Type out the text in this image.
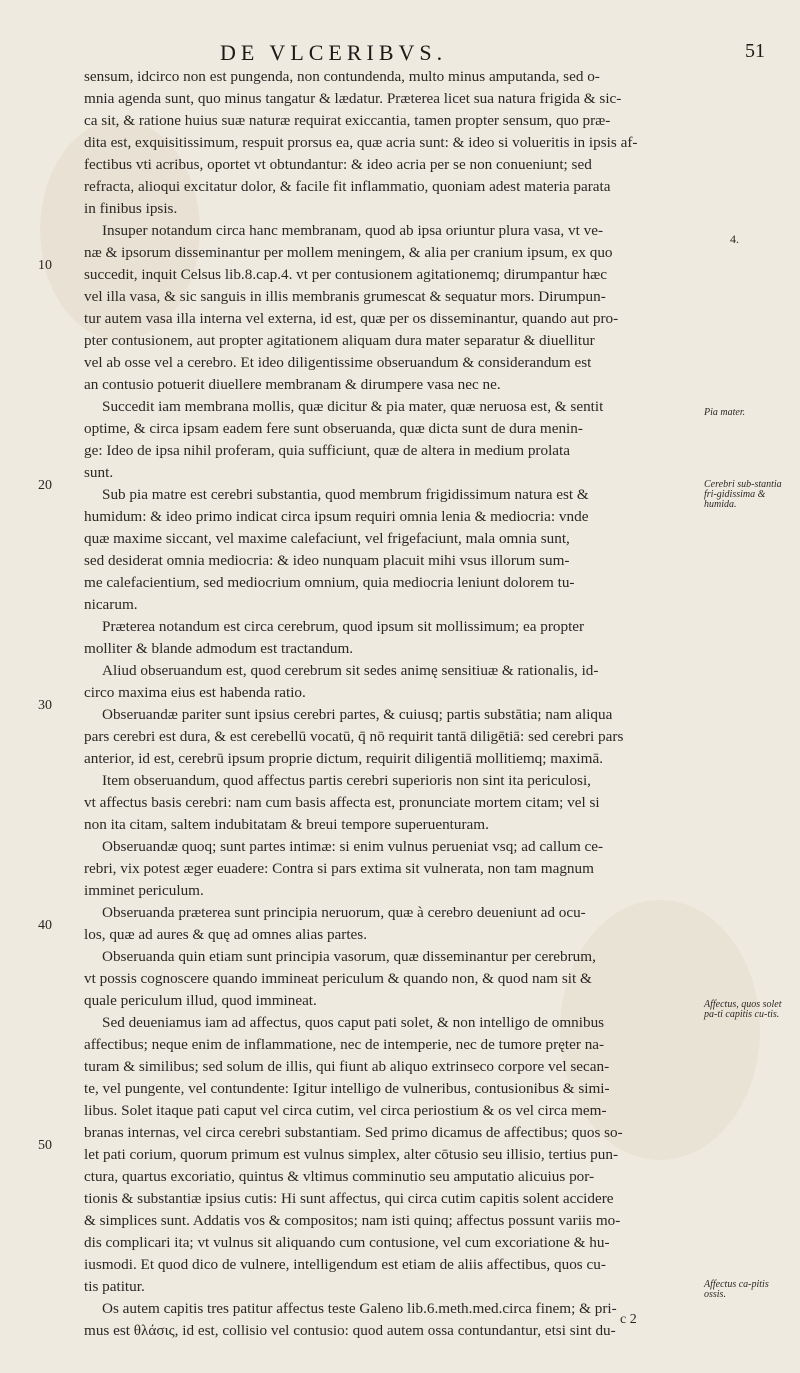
DE VLCERIBVS.	51
sensum, idcirco non est pungenda, non contundenda, multo minus amputanda, sed o-
mnia agenda sunt, quo minus tangatur & lædatur. Præterea licet sua natura frigida & sic-
ca sit, & ratione huius suæ naturæ requirat exiccantia, tamen propter sensum, quo præ-
dita est, exquisitissimum, respuit prorsus ea, quæ acria sunt: & ideo si volueritis in ipsis af-
fectibus vti acribus, oportet vt obtundantur: & ideo acria per se non conueniunt; sed
refracta, alioqui excitatur dolor, & facile fit inflammatio, quoniam adest materia parata
in finibus ipsis.
Insuper notandum circa hanc membranam, quod ab ipsa oriuntur plura vasa, vt ve-
næ & ipsorum disseminantur per mollem meningem, & alia per cranium ipsum, ex quo
succedit, inquit Celsus lib.8.cap.4. vt per contusionem agitationemq; dirumpantur hæc
vel illa vasa, & sic sanguis in illis membranis grumescat & sequatur mors. Dirumpun-
tur autem vasa illa interna vel externa, id est, quæ per os disseminantur, quando aut pro-
pter contusionem, aut propter agitationem aliquam dura mater separatur & diuellitur
vel ab osse vel a cerebro. Et ideo diligentissime obseruandum & considerandum est
an contusio potuerit diuellere membranam & dirumpere vasa nec ne.
Succedit iam membrana mollis, quæ dicitur & pia mater, quæ neruosa est, & sentit
optime, & circa ipsam eadem fere sunt obseruanda, quæ dicta sunt de dura menin-
ge: Ideo de ipsa nihil proferam, quia sufficiunt, quæ de altera in medium prolata
sunt.
Sub pia matre est cerebri substantia, quod membrum frigidissimum natura est &
humidum: & ideo primo indicat circa ipsum requiri omnia lenia & mediocria: vnde
quæ maxime siccant, vel maxime calefaciunt, vel frigefaciunt, mala omnia sunt,
sed desiderat omnia mediocria: & ideo nunquam placuit mihi vsus illorum sum-
me calefacientium, sed mediocrium omnium, quia mediocria leniunt dolorem tu-
nicarum.
Præterea notandum est circa cerebrum, quod ipsum sit mollissimum; ea propter
molliter & blande admodum est tractandum.
Aliud obseruandum est, quod cerebrum sit sedes animę sensitiuæ & rationalis, id-
circo maxima eius est habenda ratio.
Obseruandæ pariter sunt ipsius cerebri partes, & cuiusq; partis substātia; nam aliqua
pars cerebri est dura, & est cerebellū vocatū, q̄ nō requirit tantā diligētiā: sed cerebri pars
anterior, id est, cerebrū ipsum proprie dictum, requirit diligentiā mollitiemq; maximā.
Item obseruandum, quod affectus partis cerebri superioris non sint ita periculosi,
vt affectus basis cerebri: nam cum basis affecta est, pronunciate mortem citam; vel si
non ita citam, saltem indubitatam & breui tempore superuenturam.
Obseruandæ quoq; sunt partes intimæ: si enim vulnus perueniat vsq; ad callum ce-
rebri, vix potest æger euadere: Contra si pars extima sit vulnerata, non tam magnum
imminet periculum.
Obseruanda præterea sunt principia neruorum, quæ à cerebro deueniunt ad ocu-
los, quæ ad aures & quę ad omnes alias partes.
Obseruanda quin etiam sunt principia vasorum, quæ disseminantur per cerebrum,
vt possis cognoscere quando immineat periculum & quando non, & quod nam sit &
quale periculum illud, quod immineat.
Sed deueniamus iam ad affectus, quos caput pati solet, & non intelligo de omnibus
affectibus; neque enim de inflammatione, nec de intemperie, nec de tumore pręter na-
turam & similibus; sed solum de illis, qui fiunt ab aliquo extrinseco corpore vel secan-
te, vel pungente, vel contundente: Igitur intelligo de vulneribus, contusionibus & simi-
libus. Solet itaque pati caput vel circa cutim, vel circa periostium & os vel circa mem-
branas internas, vel circa cerebri substantiam. Sed primo dicamus de affectibus; quos so-
let pati corium, quorum primum est vulnus simplex, alter cōtusio seu illisio, tertius pun-
ctura, quartus excoriatio, quintus & vltimus comminutio seu amputatio alicuius por-
tionis & substantiæ ipsius cutis: Hi sunt affectus, qui circa cutim capitis solent accidere
& simplices sunt. Addatis vos & compositos; nam isti quinq; affectus possunt variis mo-
dis complicari ita; vt vulnus sit aliquando cum contusione, vel cum excoriatione & hu-
iusmodi. Et quod dico de vulnere, intelligendum est etiam de aliis affectibus, quos cu-
tis patitur.
Os autem capitis tres patitur affectus teste Galeno lib.6.meth.med.circa finem; & pri-
mus est θλάσις, id est, collisio vel contusio: quod autem ossa contundantur, etsi sint du-
10
20
30
40
50
4.
Pia mater.
Cerebri sub-stantia fri-gidissima & humida.
Affectus, quos solet pa-ti capitis cu-tis.
Affectus ca-pitis ossis.
c 2
